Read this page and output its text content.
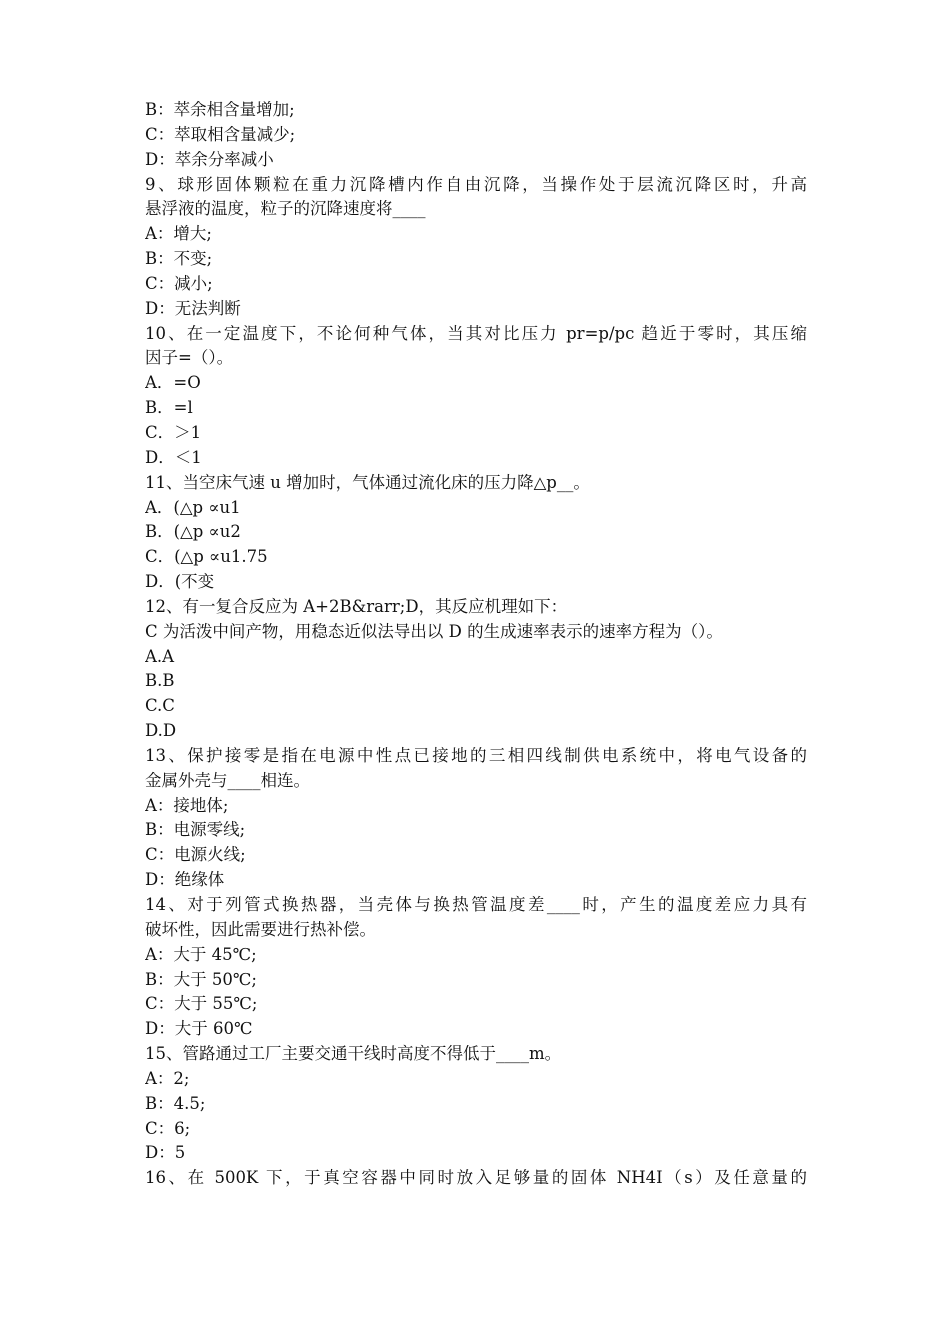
B：萃余相含量增加;
C：萃取相含量减少;
D：萃余分率减小
9、球形固体颗粒在重力沉降槽内作自由沉降，当操作处于层流沉降区时，升高
悬浮液的温度，粒子的沉降速度将____
A：增大;
B：不变;
C：减小;
D：无法判断
10、在一定温度下，不论何种气体，当其对比压力 pr=p/pc 趋近于零时，其压缩
因子=（）。
A．=O
B．=l
C．＞1
D．＜1
11、当空床气速 u 增加时，气体通过流化床的压力降△p__。
A．(△p ∝u1
B．(△p ∝u2
C．(△p ∝u1.75
D．(不变
12、有一复合反应为 A+2B&rarr;D，其反应机理如下：
C 为活泼中间产物，用稳态近似法导出以 D 的生成速率表示的速率方程为（）。
A.A
B.B
C.C
D.D
13、保护接零是指在电源中性点已接地的三相四线制供电系统中，将电气设备的
金属外壳与____相连。
A：接地体;
B：电源零线;
C：电源火线;
D：绝缘体
14、对于列管式换热器，当壳体与换热管温度差____时，产生的温度差应力具有
破坏性，因此需要进行热补偿。
A：大于 45℃;
B：大于 50℃;
C：大于 55℃;
D：大于 60℃
15、管路通过工厂主要交通干线时高度不得低于____m。
A：2;
B：4.5;
C：6;
D：5
16、在 500K 下，于真空容器中同时放入足够量的固体 NH4I（s）及任意量的
